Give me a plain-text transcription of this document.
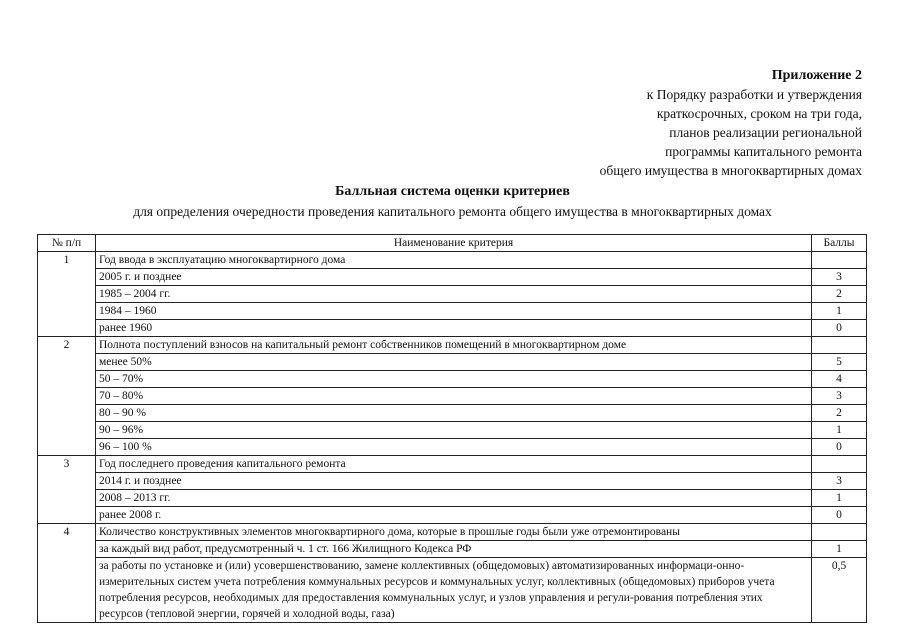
Приложение 2
к Порядку разработки и утверждения
краткосрочных, сроком на три года,
планов реализации региональной
программы капитального ремонта
общего имущества в многоквартирных домах
Балльная система оценки критериев
для определения очередности проведения капитального ремонта общего имущества в многоквартирных домах
№ п/п	Наименование критерия	Баллы
1	Год ввода в эксплуатацию многоквартирного дома	
	2005 г. и позднее	3
	1985 – 2004 гг.	2
	1984 – 1960	1
	ранее 1960	0
2	Полнота поступлений взносов на капитальный ремонт собственников помещений в многоквартирном доме	
	менее 50%	5
	50 – 70%	4
	70 – 80%	3
	80 – 90 %	2
	90 – 96%	1
	96 – 100 %	0
3	Год последнего проведения капитального ремонта	
	2014 г. и позднее	3
	2008 – 2013 гг.	1
	ранее 2008 г.	0
4	Количество конструктивных элементов многоквартирного дома, которые в прошлые годы были уже отремонтированы	
	за каждый вид работ, предусмотренный ч. 1 ст. 166 Жилищного Кодекса РФ	1
	за работы по установке и (или) усовершенствованию, замене коллективных (общедомовых) автоматизированных информаци-онно-измерительных систем учета потребления коммунальных ресурсов и коммунальных услуг, коллективных (общедомовых) приборов учета потребления ресурсов, необходимых для предоставления коммунальных услуг, и узлов управления и регули-рования потребления этих ресурсов (тепловой энергии, горячей и холодной воды, газа)	0,5
